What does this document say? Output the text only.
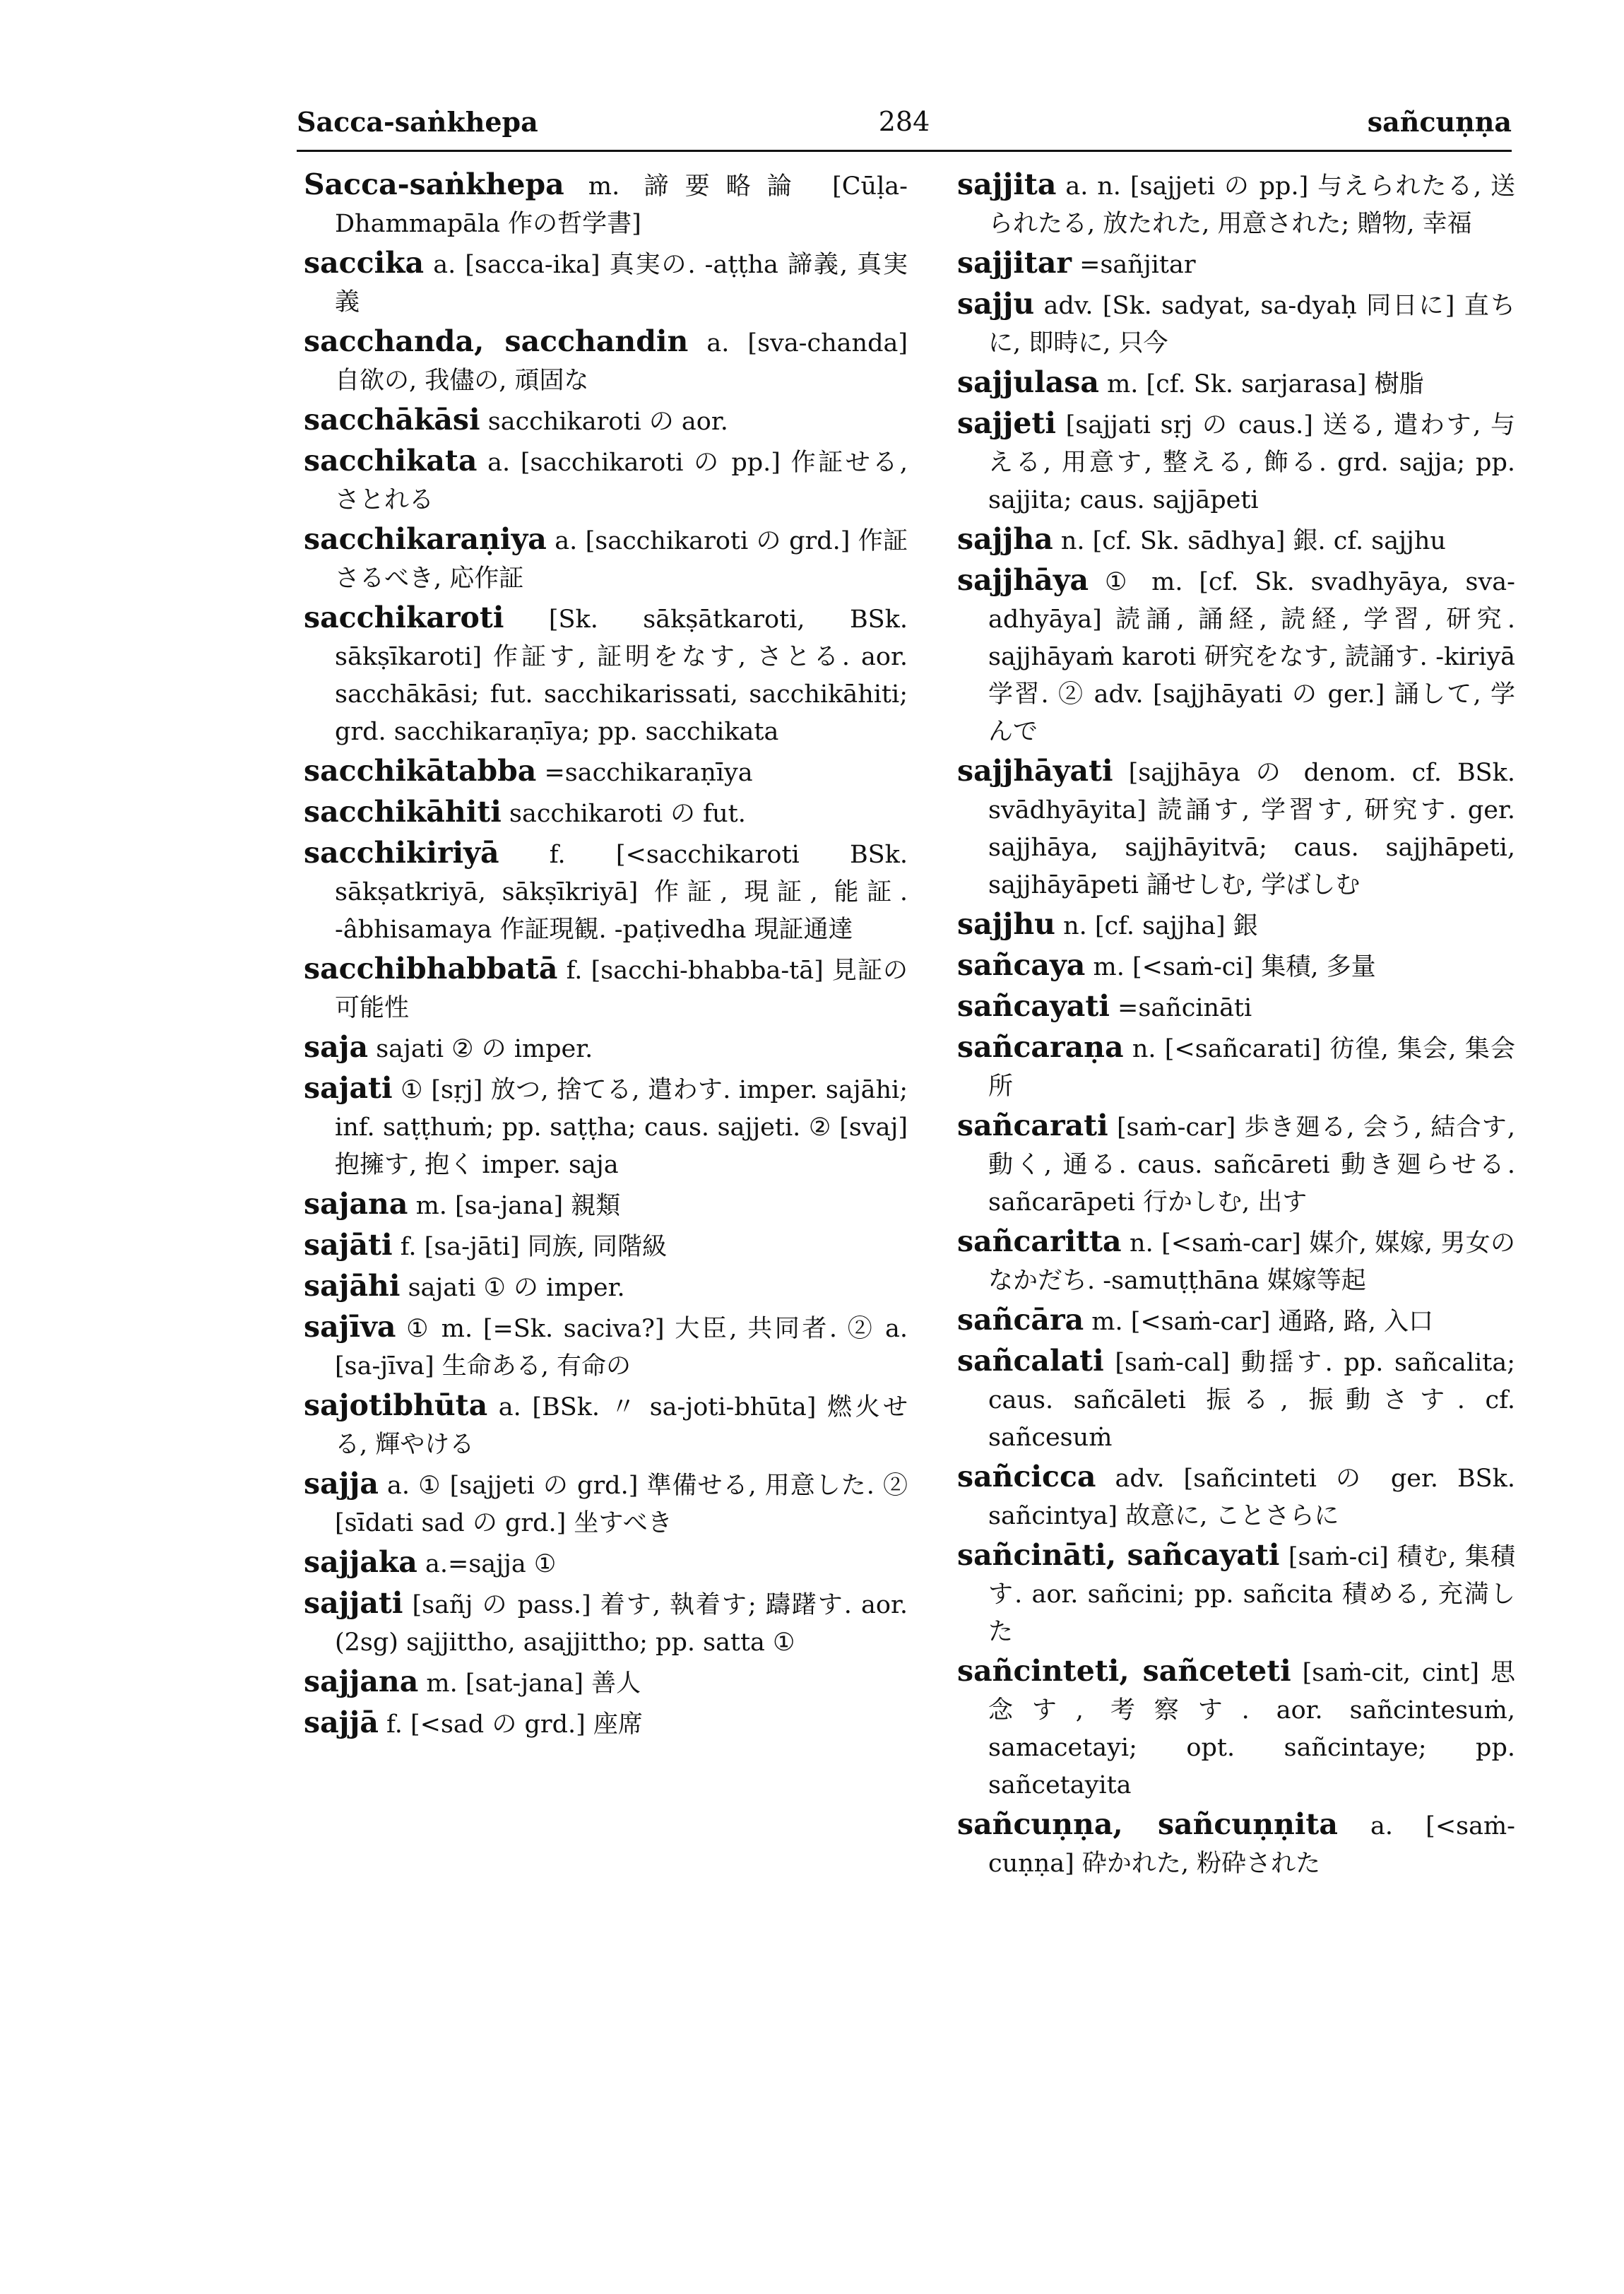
Sacca-saṅkhepa	284	sañcuṇṇa
Sacca-saṅkhepa m. 諦要略論 [Cūḷa-Dhammapāla 作の哲学書]
saccika a. [sacca-ika] 真実の. -aṭṭha 諦義, 真実義
sacchanda, sacchandin a. [sva-chanda] 自欲の, 我儘の, 頑固な
sacchākāsi sacchikaroti の aor.
sacchikata a. [sacchikaroti の pp.] 作証せる, さとれる
sacchikaraṇiya a. [sacchikaroti の grd.] 作証さるべき, 応作証
sacchikaroti [Sk. sākṣātkaroti, BSk. sākṣīkaroti] 作証す, 証明をなす, さとる. aor. sacchākāsi; fut. sacchikarissati, sacchikāhiti; grd. sacchikaraṇīya; pp. sacchikata
sacchikātabba =sacchikaraṇīya
sacchikāhiti sacchikaroti の fut.
sacchikiriyā f. [<sacchikaroti BSk. sākṣatkriyā, sākṣīkriyā] 作証, 現証, 能証. -âbhisamaya 作証現観. -paṭivedha 現証通達
sacchibhabbatā f. [sacchi-bhabba-tā] 見証の可能性
saja sajati ② の imper.
sajati ① [sṛj] 放つ, 捨てる, 遣わす. imper. sajāhi; inf. saṭṭhuṁ; pp. saṭṭha; caus. sajjeti. ② [svaj] 抱擁す, 抱く imper. saja
sajana m. [sa-jana] 親類
sajāti f. [sa-jāti] 同族, 同階級
sajāhi sajati ① の imper.
sajīva ① m. [=Sk. saciva?] 大臣, 共同者. ② a. [sa-jīva] 生命ある, 有命の
sajotibhūta a. [BSk. 〃 sa-joti-bhūta] 燃火せる, 輝やける
sajja a. ① [sajjeti の grd.] 準備せる, 用意した. ② [sīdati sad の grd.] 坐すべき
sajjaka a.=sajja ①
sajjati [sañj の pass.] 着す, 執着す; 躊躇す. aor. (2sg) sajjittho, asajjittho; pp. satta ①
sajjana m. [sat-jana] 善人
sajjā f. [<sad の grd.] 座席
sajjita a. n. [sajjeti の pp.] 与えられたる, 送られたる, 放たれた, 用意された; 贈物, 幸福
sajjitar =sañjitar
sajju adv. [Sk. sadyat, sa-dyaḥ 同日に] 直ちに, 即時に, 只今
sajjulasa m. [cf. Sk. sarjarasa] 樹脂
sajjeti [sajjati sṛj の caus.] 送る, 遣わす, 与える, 用意す, 整える, 飾る. grd. sajja; pp. sajjita; caus. sajjāpeti
sajjha n. [cf. Sk. sādhya] 銀. cf. sajjhu
sajjhāya ① m. [cf. Sk. svadhyāya, sva-adhyāya] 読誦, 誦経, 読経, 学習, 研究. sajjhāyaṁ karoti 研究をなす, 読誦す. -kiriyā 学習. ② adv. [sajjhāyati の ger.] 誦して, 学んで
sajjhāyati [sajjhāya の denom. cf. BSk. svādhyāyita] 読誦す, 学習す, 研究す. ger. sajjhāya, sajjhāyitvā; caus. sajjhāpeti, sajjhāyāpeti 誦せしむ, 学ばしむ
sajjhu n. [cf. sajjha] 銀
sañcaya m. [<saṁ-ci] 集積, 多量
sañcayati =sañcināti
sañcaraṇa n. [<sañcarati] 彷徨, 集会, 集会所
sañcarati [saṁ-car] 歩き廻る, 会う, 結合す, 動く, 通る. caus. sañcāreti 動き廻らせる. sañcarāpeti 行かしむ, 出す
sañcaritta n. [<saṁ-car] 媒介, 媒嫁, 男女のなかだち. -samuṭṭhāna 媒嫁等起
sañcāra m. [<saṁ-car] 通路, 路, 入口
sañcalati [saṁ-cal] 動揺す. pp. sañcalita; caus. sañcāleti 振る, 振動さす. cf. sañcesuṁ
sañcicca adv. [sañcinteti の ger. BSk. sañcintya] 故意に, ことさらに
sañcināti, sañcayati [saṁ-ci] 積む, 集積す. aor. sañcini; pp. sañcita 積める, 充満した
sañcinteti, sañceteti [saṁ-cit, cint] 思念す, 考察す. aor. sañcintesuṁ, samacetayi; opt. sañcintaye; pp. sañcetayita
sañcuṇṇa, sañcuṇṇita a. [<saṁ-cuṇṇa] 砕かれた, 粉砕された
